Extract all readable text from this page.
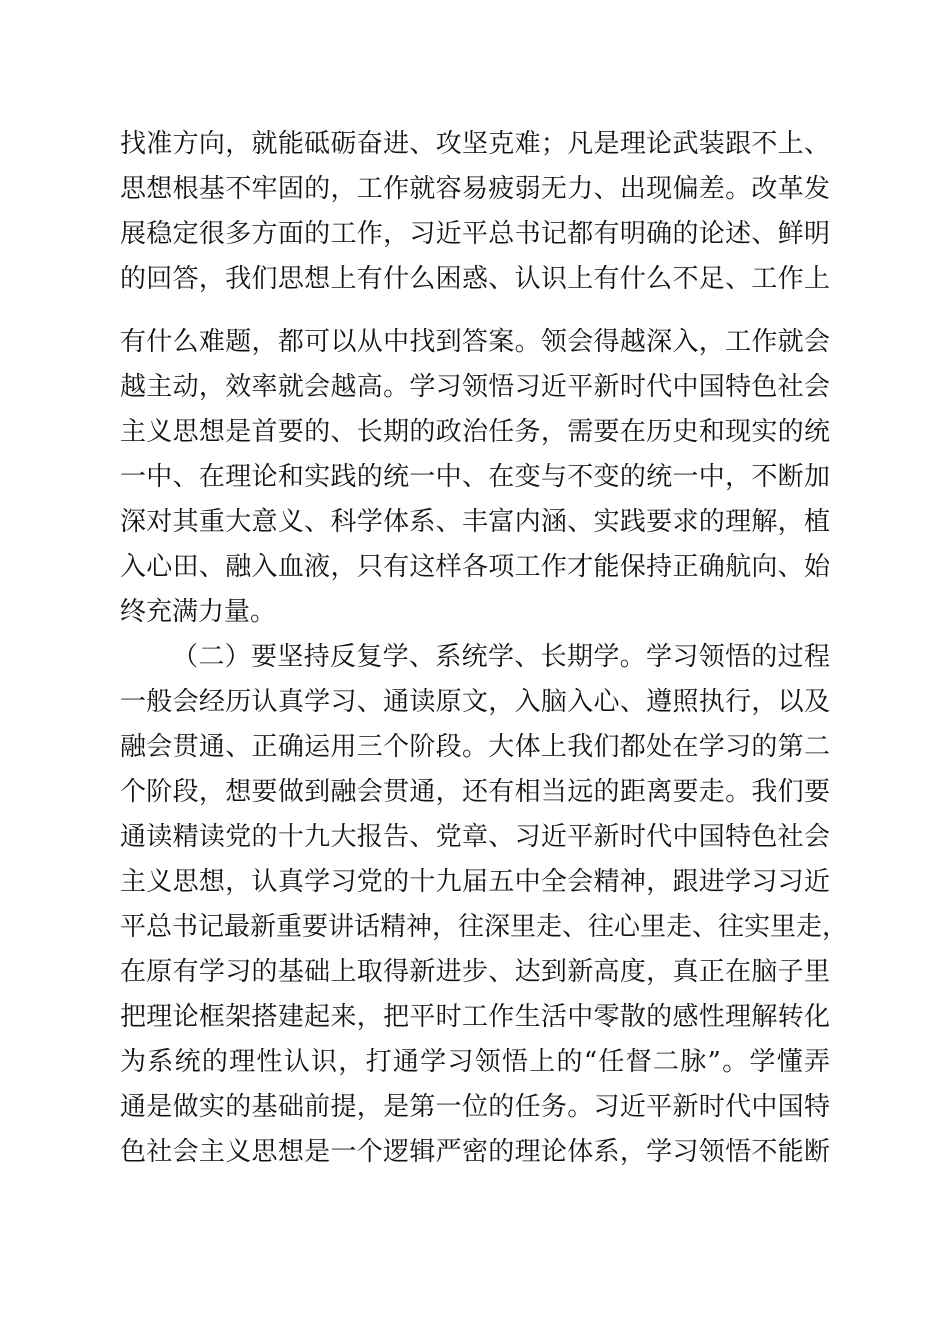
找准方向，就能砥砺奋进、攻坚克难；凡是理论武装跟不上、
思想根基不牢固的，工作就容易疲弱无力、出现偏差。改革发
展稳定很多方面的工作，习近平总书记都有明确的论述、鲜明
的回答，我们思想上有什么困惑、认识上有什么不足、工作上
有什么难题，都可以从中找到答案。领会得越深入，工作就会
越主动，效率就会越高。学习领悟习近平新时代中国特色社会
主义思想是首要的、长期的政治任务，需要在历史和现实的统
一中、在理论和实践的统一中、在变与不变的统一中，不断加
深对其重大意义、科学体系、丰富内涵、实践要求的理解，植
入心田、融入血液，只有这样各项工作才能保持正确航向、始
终充满力量。
（二）要坚持反复学、系统学、长期学。学习领悟的过程
一般会经历认真学习、通读原文，入脑入心、遵照执行，以及
融会贯通、正确运用三个阶段。大体上我们都处在学习的第二
个阶段，想要做到融会贯通，还有相当远的距离要走。我们要
通读精读党的十九大报告、党章、习近平新时代中国特色社会
主义思想，认真学习党的十九届五中全会精神，跟进学习习近
平总书记最新重要讲话精神，往深里走、往心里走、往实里走，
在原有学习的基础上取得新进步、达到新高度，真正在脑子里
把理论框架搭建起来，把平时工作生活中零散的感性理解转化
为系统的理性认识，打通学习领悟上的“任督二脉”。学懂弄
通是做实的基础前提，是第一位的任务。习近平新时代中国特
色社会主义思想是一个逻辑严密的理论体系，学习领悟不能断
